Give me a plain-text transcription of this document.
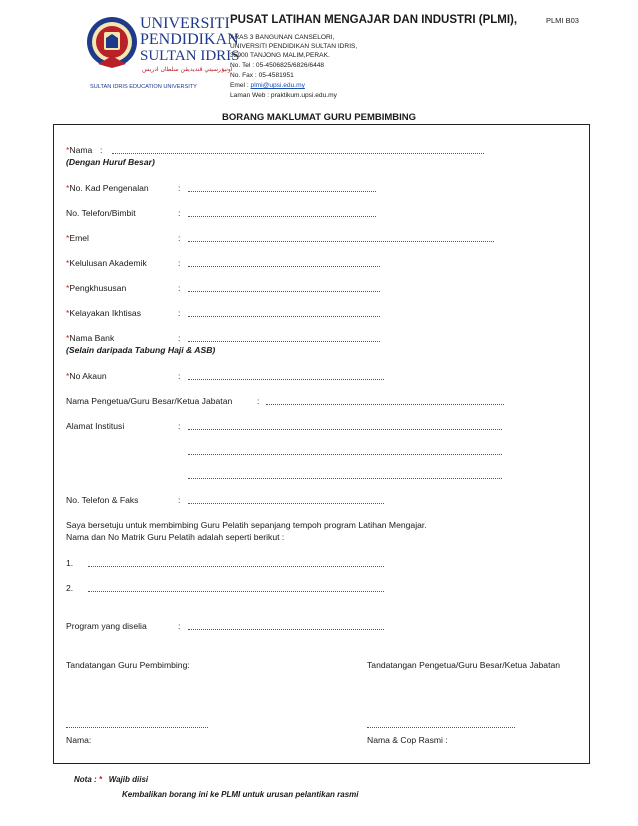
UNIVERSITI
PENDIDIKAN
SULTAN IDRIS
اونيۏرسيتي ڤنديديقن سلطان ادريس
SULTAN IDRIS EDUCATION UNIVERSITY
PUSAT LATIHAN MENGAJAR DAN INDUSTRI (PLMI),	PLMI B03
ARAS 3 BANGUNAN CANSELORI,
UNIVERSITI PENDIDIKAN SULTAN IDRIS,
35900 TANJONG MALIM,PERAK.
No. Tel : 05-4506825/6826/6448
No. Fax : 05-4581951
Emel : plmi@upsi.edu.my
Laman Web : praktikum.upsi.edu.my
BORANG MAKLUMAT GURU PEMBIMBING
*Nama :
(Dengan Huruf Besar)
*No. Kad Pengenalan	:
No. Telefon/Bimbit	:
*Emel	:
*Kelulusan Akademik	:
*Pengkhususan	:
*Kelayakan Ikhtisas	:
*Nama Bank	:
(Selain daripada Tabung Haji & ASB)
*No Akaun	:
Nama Pengetua/Guru Besar/Ketua Jabatan	:
Alamat Institusi	:
No. Telefon & Faks	:
Saya bersetuju untuk membimbing Guru Pelatih sepanjang tempoh program Latihan Mengajar.
Nama dan No Matrik Guru Pelatih adalah seperti berikut :
1.
2.
Program yang diselia	:
Tandatangan Guru Pembimbing:	Tandatangan Pengetua/Guru Besar/Ketua Jabatan
Nama:	Nama & Cop Rasmi :
Nota : * Wajib diisi
Kembalikan borang ini ke PLMI untuk urusan pelantikan rasmi
